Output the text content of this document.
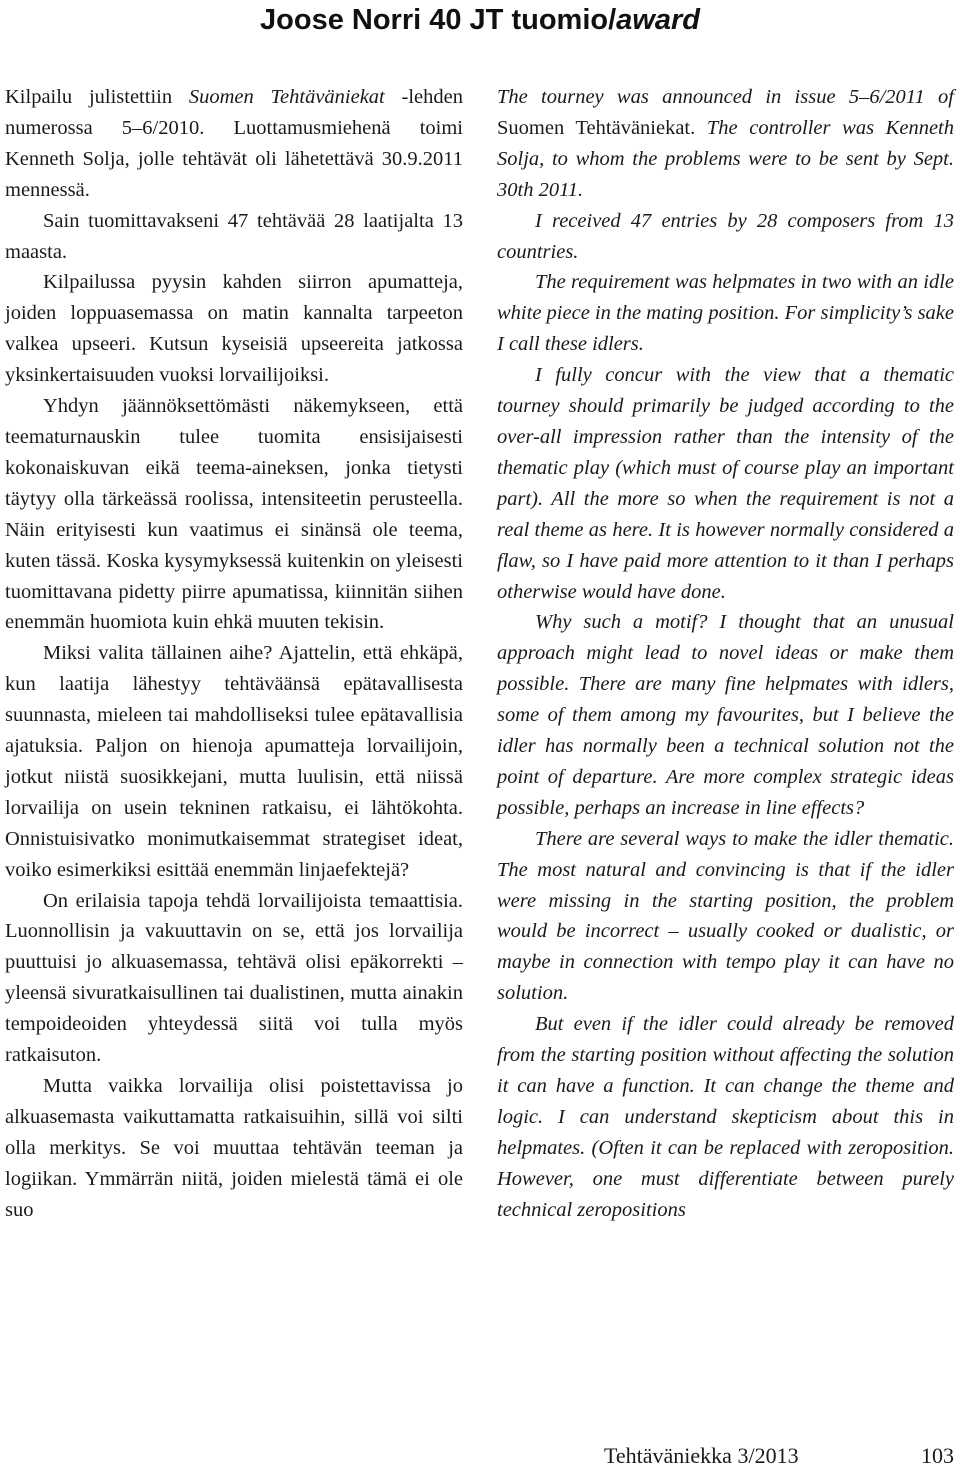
Joose Norri 40 JT tuomio/award

Kilpailu julistettiin Suomen Tehtäväniekat -lehden numerossa 5–6/2010. Luottamusmiehenä toimi Kenneth Solja, jolle tehtävät oli lähetettävä 30.9.2011 mennessä.

Sain tuomittavakseni 47 tehtävää 28 laatijalta 13 maasta.

Kilpailussa pyysin kahden siirron apumatteja, joiden loppuasemassa on matin kannalta tarpeeton valkea upseeri. Kutsun kyseisiä upseereita jatkossa yksinkertaisuuden vuoksi lorvailijoiksi.

Yhdyn jäännöksettömästi näkemykseen, että teematurnauskin tulee tuomita ensisijaisesti kokonaiskuvan eikä teema-aineksen, jonka tietysti täytyy olla tärkeässä roolissa, intensiteetin perusteella. Näin erityisesti kun vaatimus ei sinänsä ole teema, kuten tässä. Koska kysymyksessä kuitenkin on yleisesti tuomittavana pidetty piirre apumatissa, kiinnitän siihen enemmän huomiota kuin ehkä muuten tekisin.

Miksi valita tällainen aihe? Ajattelin, että ehkäpä, kun laatija lähestyy tehtäväänsä epätavallisesta suunnasta, mieleen tai mahdolliseksi tulee epätavallisia ajatuksia. Paljon on hienoja apumatteja lorvailijoin, jotkut niistä suosikkejani, mutta luulisin, että niissä lorvailija on usein tekninen ratkaisu, ei lähtökohta. Onnistuisivatko monimutkaisemmat strategiset ideat, voiko esimerkiksi esittää enemmän linjaefektejä?

On erilaisia tapoja tehdä lorvailijoista temaattisia. Luonnollisin ja vakuuttavin on se, että jos lorvailija puuttuisi jo alkuasemassa, tehtävä olisi epäkorrekti – yleensä sivuratkaisullinen tai dualistinen, mutta ainakin tempoideoiden yhteydessä siitä voi tulla myös ratkaisuton.

Mutta vaikka lorvailija olisi poistettavissa jo alkuasemasta vaikuttamatta ratkaisuihin, sillä voi silti olla merkitys. Se voi muuttaa tehtävän teeman ja logiikan. Ymmärrän niitä, joiden mielestä tämä ei ole suo

The tourney was announced in issue 5–6/2011 of Suomen Tehtäväniekat. The controller was Kenneth Solja, to whom the problems were to be sent by Sept. 30th 2011.

I received 47 entries by 28 composers from 13 countries.

The requirement was helpmates in two with an idle white piece in the mating position. For simplicity’s sake I call these idlers.

I fully concur with the view that a thematic tourney should primarily be judged according to the over-all impression rather than the intensity of the thematic play (which must of course play an important part). All the more so when the requirement is not a real theme as here. It is however normally considered a flaw, so I have paid more attention to it than I perhaps otherwise would have done.

Why such a motif? I thought that an unusual approach might lead to novel ideas or make them possible. There are many fine helpmates with idlers, some of them among my favourites, but I believe the idler has normally been a technical solution not the point of departure. Are more complex strategic ideas possible, perhaps an increase in line effects?

There are several ways to make the idler thematic. The most natural and convincing is that if the idler were missing in the starting position, the problem would be incorrect – usually cooked or dualistic, or maybe in connection with tempo play it can have no solution.

But even if the idler could already be removed from the starting position without affecting the solution it can have a function. It can change the theme and logic. I can understand skepticism about this in helpmates. (Often it can be replaced with zeroposition. However, one must differentiate between purely technical zeropositions

Tehtäväniekka 3/2013	103
